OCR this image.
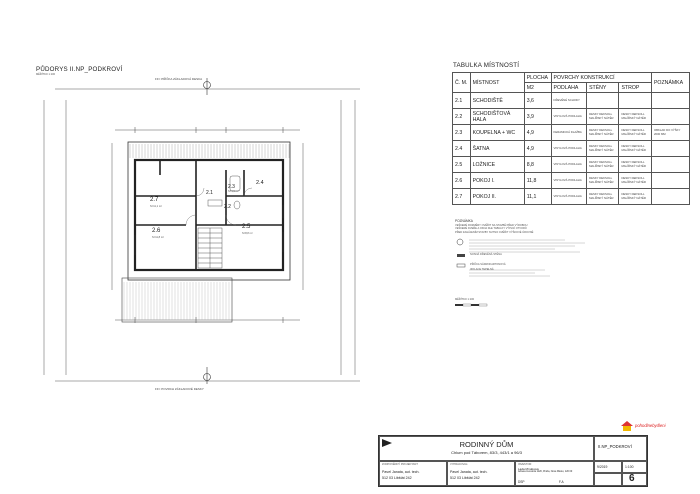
PŮDORYS II.NP_PODKROVÍ
MĚŘÍTKO 1:100
FF= PŘÍČKA ZÁKLADOVÁ DESKA
FF= POVRCH ZÁKLADOVÉ DESKY
2.7
S=11,1 m²
2.3
S=4,9 m²
2.4
2.1
2.2
2.6
S=11,8 m²
2.5
S=8,8 m²
TABULKA MÍSTNOSTÍ
Č. M.	MÍSTNOST	PLOCHA	POVRCHY KONSTRUKCÍ			POZNÁMKA
		M2	PODLAHA	STĚNY	STROP	
2.1	SCHODIŠTĚ	3,6	DŘEVĚNÉ SCHODY			
2.2	SCHODIŠŤOVÁ HALA	3,9	VINYLOVÁ PODLAHA	DESKY DEKSOLL MALÍŘSKÝ NÁTĚR	DESKY DEKSOLL MALÍŘSKÝ NÁTĚR	
2.3	KOUPELNA + WC	4,9	KERAMICKÁ DLAŽBA	DESKY DEKSOLL MALÍŘSKÝ NÁTĚR	DESKY DEKSOLL MALÍŘSKÝ NÁTĚR	OBKLAD DO VÝŠKY 2000 MM
2.4	ŠATNA	4,9	VINYLOVÁ PODLAHA	DESKY DEKSOLL MALÍŘSKÝ NÁTĚR	DESKY DEKSOLL MALÍŘSKÝ NÁTĚR	
2.5	LOŽNICE	8,8	VINYLOVÁ PODLAHA	DESKY DEKSOLL MALÍŘSKÝ NÁTĚR	DESKY DEKSOLL MALÍŘSKÝ NÁTĚR	
2.6	POKOJ I.	11,8	VINYLOVÁ PODLAHA	DESKY DEKSOLL MALÍŘSKÝ NÁTĚR	DESKY DEKSOLL MALÍŘSKÝ NÁTĚR	
2.7	POKOJ II.	11,1	VINYLOVÁ PODLAHA	DESKY DEKSOLL MALÍŘSKÝ NÁTĚR	DESKY DEKSOLL MALÍŘSKÝ NÁTĚR	
POZNÁMKA
VEŠKERÉ ROZMĚRY OVĚŘIT NA STAVBĚ PŘED VÝROBOU
VEŠKERÉ DVEŘE A OKNA DLE TABULKY VÝPLNÍ OTVORŮ
PŘED ZAHÁJENÍM STAVBY NUTNO OVĚŘIT VÝŠKOVÉ ÚROVNĚ
NOSNÁ DŘEVĚNÁ STĚNA
PŘÍČKA SÁDROKARTONOVÁ
IZOLACE TEPELNÁ
MĚŘÍTKO 1:100
pohodlnebydleni
RODINNÝ DŮM
Chlum pod Táborem, 83/3, 443/1 a 96/3
II.NP_PODKROVÍ
ZODPOVĚDNÝ PROJEKTANT:
Pavel Janata, aut. tech.
512 03 Libštát 242
VYPRACOVAL:
Pavel Janata, aut. tech.
512 03 Libštát 242
INVESTOR:
Lada Mrnáková
Adresa investora 1120, Praha, Nové Město, 120 00
DSP	F.A
9/2019	1:100
6
